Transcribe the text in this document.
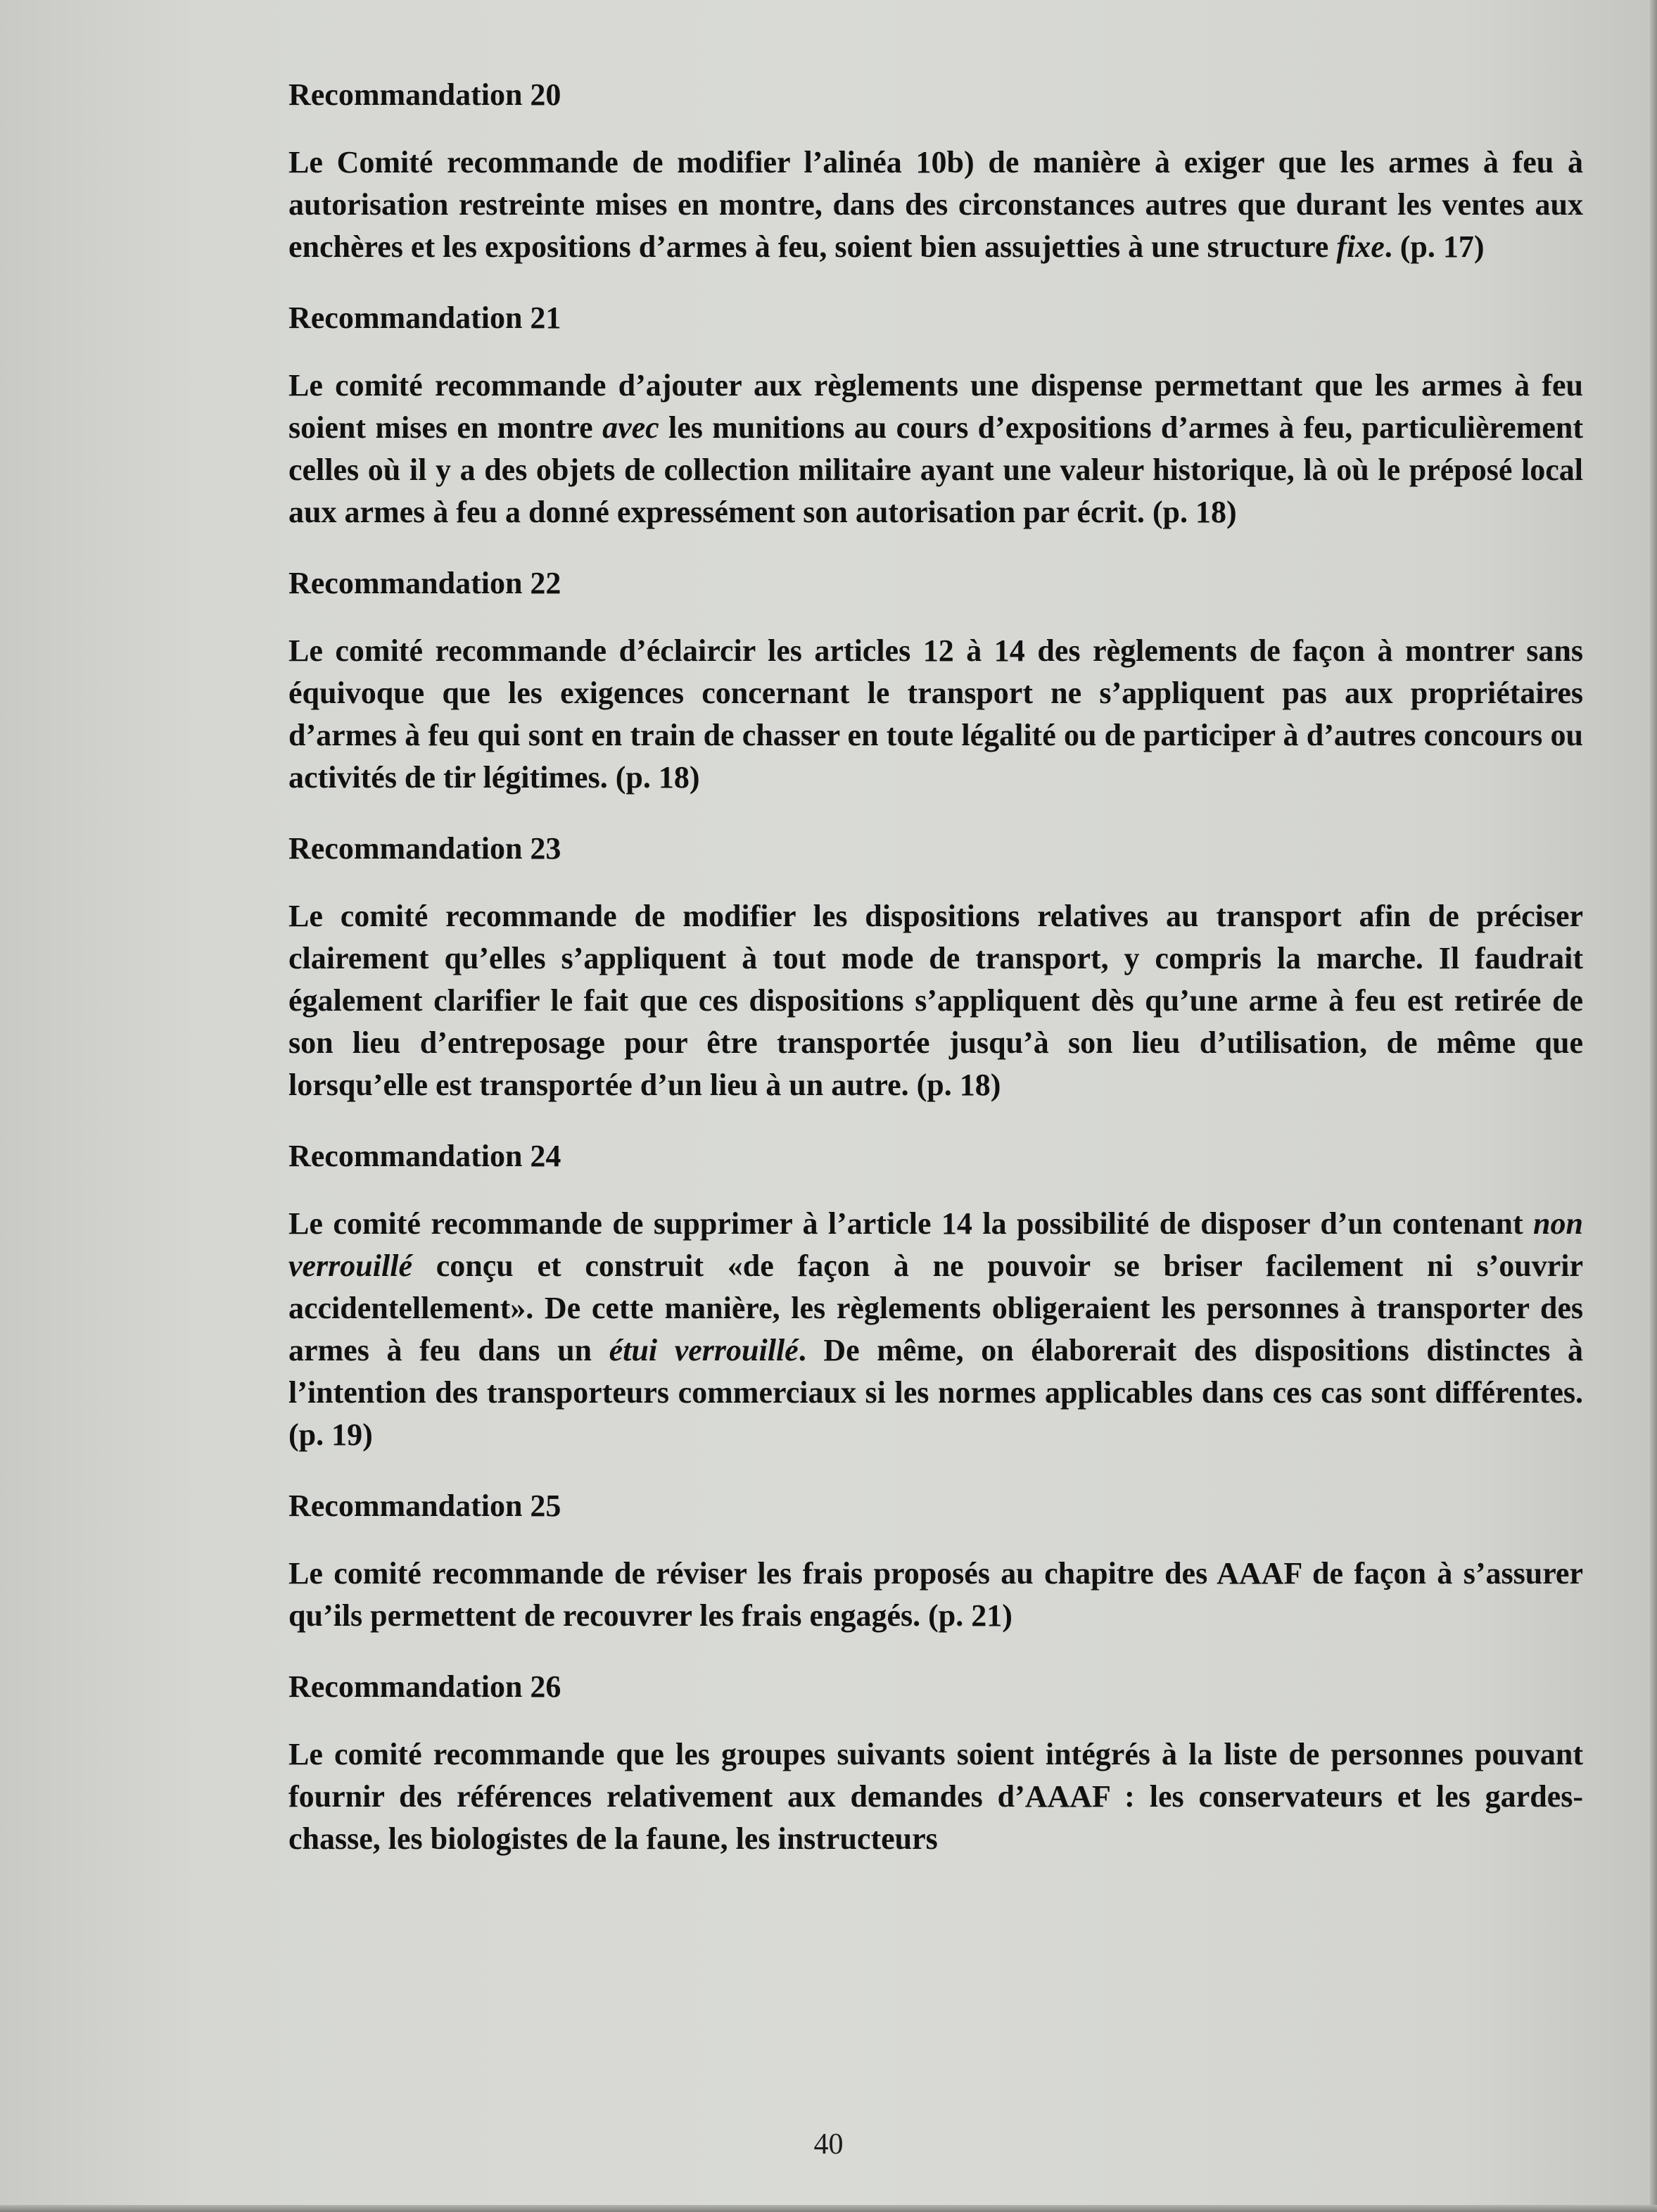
Recommandation 20

Le Comité recommande de modifier l’alinéa 10b) de manière à exiger que les armes à feu à autorisation restreinte mises en montre, dans des circonstances autres que durant les ventes aux enchères et les expositions d’armes à feu, soient bien assujetties à une structure fixe. (p. 17)

Recommandation 21

Le comité recommande d’ajouter aux règlements une dispense permettant que les armes à feu soient mises en montre avec les munitions au cours d’expositions d’armes à feu, particulièrement celles où il y a des objets de collection militaire ayant une valeur historique, là où le préposé local aux armes à feu a donné expressément son autorisation par écrit. (p. 18)

Recommandation 22

Le comité recommande d’éclaircir les articles 12 à 14 des règlements de façon à montrer sans équivoque que les exigences concernant le transport ne s’appliquent pas aux propriétaires d’armes à feu qui sont en train de chasser en toute légalité ou de participer à d’autres concours ou activités de tir légitimes. (p. 18)

Recommandation 23

Le comité recommande de modifier les dispositions relatives au transport afin de préciser clairement qu’elles s’appliquent à tout mode de transport, y compris la marche. Il faudrait également clarifier le fait que ces dispositions s’appliquent dès qu’une arme à feu est retirée de son lieu d’entreposage pour être transportée jusqu’à son lieu d’utilisation, de même que lorsqu’elle est transportée d’un lieu à un autre. (p. 18)

Recommandation 24

Le comité recommande de supprimer à l’article 14 la possibilité de disposer d’un contenant non verrouillé conçu et construit «de façon à ne pouvoir se briser facilement ni s’ouvrir accidentellement». De cette manière, les règlements obligeraient les personnes à transporter des armes à feu dans un étui verrouillé. De même, on élaborerait des dispositions distinctes à l’intention des transporteurs commerciaux si les normes applicables dans ces cas sont différentes. (p. 19)

Recommandation 25

Le comité recommande de réviser les frais proposés au chapitre des AAAF de façon à s’assurer qu’ils permettent de recouvrer les frais engagés. (p. 21)

Recommandation 26

Le comité recommande que les groupes suivants soient intégrés à la liste de personnes pouvant fournir des références relativement aux demandes d’AAAF : les conservateurs et les gardes-chasse, les biologistes de la faune, les instructeurs

40
